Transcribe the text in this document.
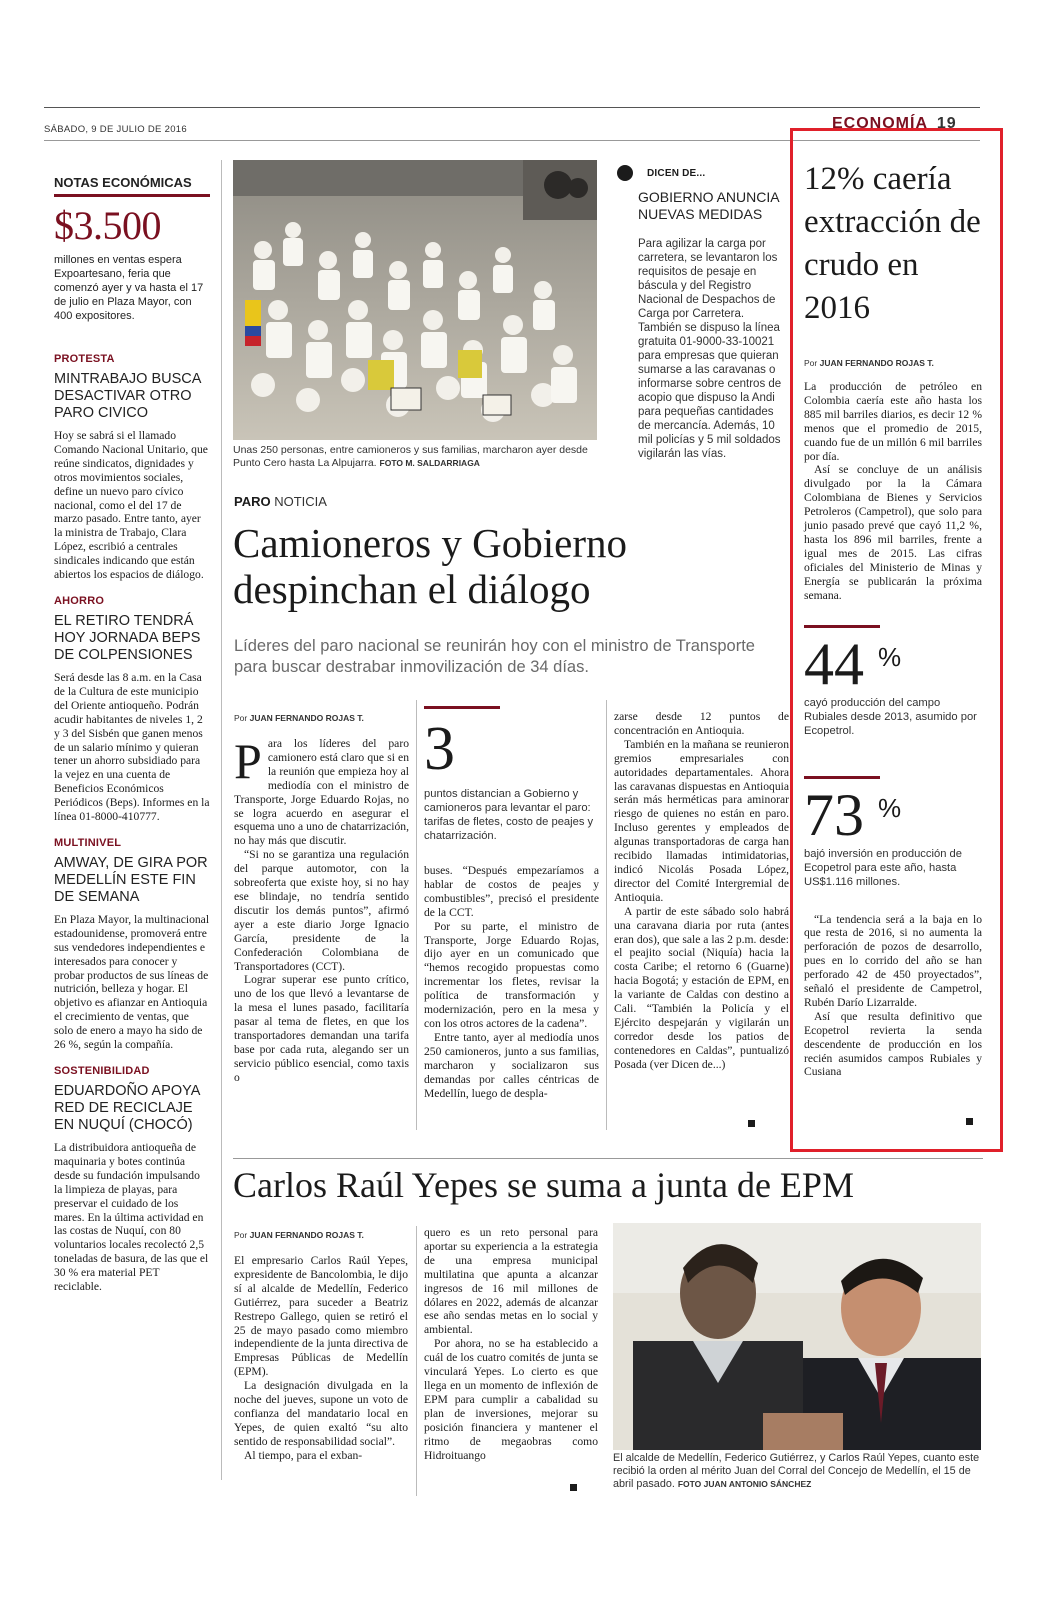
SÁBADO, 9 DE JULIO DE 2016	ECONOMÍA 19
NOTAS ECONÓMICAS
$3.500
millones en ventas espera Expoartesano, feria que comenzó ayer y va hasta el 17 de julio en Plaza Mayor, con 400 expositores.
PROTESTA
MINTRABAJO BUSCA DESACTIVAR OTRO PARO CIVICO
Hoy se sabrá si el llamado Comando Nacional Unitario, que reúne sindicatos, dignidades y otros movimientos sociales, define un nuevo paro cívico nacional, como el del 17 de marzo pasado. Entre tanto, ayer la ministra de Trabajo, Clara López, escribió a centrales sindicales indicando que están abiertos los espacios de diálogo.
AHORRO
EL RETIRO TENDRÁ HOY JORNADA BEPS DE COLPENSIONES
Será desde las 8 a.m. en la Casa de la Cultura de este municipio del Oriente antioqueño. Podrán acudir habitantes de niveles 1, 2 y 3 del Sisbén que ganen menos de un salario mínimo y quieran tener un ahorro subsidiado para la vejez en una cuenta de Beneficios Económicos Periódicos (Beps). Informes en la línea 01-8000-410777.
MULTINIVEL
AMWAY, DE GIRA POR MEDELLÍN ESTE FIN DE SEMANA
En Plaza Mayor, la multinacional estadounidense, promoverá entre sus vendedores independientes e interesados para conocer y probar productos de sus líneas de nutrición, belleza y hogar. El objetivo es afianzar en Antioquia el crecimiento de ventas, que solo de enero a mayo ha sido de 26 %, según la compañía.
SOSTENIBILIDAD
EDUARDOÑO APOYA RED DE RECICLAJE EN NUQUÍ (CHOCÓ)
La distribuidora antioqueña de maquinaria y botes continúa desde su fundación impulsando la limpieza de playas, para preservar el cuidado de los mares. En la última actividad en las costas de Nuquí, con 80 voluntarios locales recolectó 2,5 toneladas de basura, de las que el 30 % era material PET reciclable.
Unas 250 personas, entre camioneros y sus familias, marcharon ayer desde Punto Cero hasta La Alpujarra. FOTO M. SALDARRIAGA
DICEN DE...
GOBIERNO ANUNCIA NUEVAS MEDIDAS
Para agilizar la carga por carretera, se levantaron los requisitos de pesaje en báscula y del Registro Nacional de Despachos de Carga por Carretera. También se dispuso la línea gratuita 01-9000-33-10021 para empresas que quieran sumarse a las caravanas o informarse sobre centros de acopio que dispuso la Andi para pequeñas cantidades de mercancía. Además, 10 mil policías y 5 mil soldados vigilarán las vías.
PARO NOTICIA
Camioneros y Gobierno despinchan el diálogo
Líderes del paro nacional se reunirán hoy con el ministro de Transporte para buscar destrabar inmovilización de 34 días.
Por JUAN FERNANDO ROJAS T.
P ara los líderes del paro camionero está claro que si en la reunión que empieza hoy al mediodía con el ministro de Transporte, Jorge Eduardo Rojas, no se logra acuerdo en asegurar el esquema uno a uno de chatarrización, no hay más que discutir.

“Si no se garantiza una regulación del parque automotor, con la sobreoferta que existe hoy, si no hay ese blindaje, no tendría sentido discutir los demás puntos”, afirmó ayer a este diario Jorge Ignacio García, presidente de la Confederación Colombiana de Transportadores (CCT).

Lograr superar ese punto crítico, uno de los que llevó a levantarse de la mesa el lunes pasado, facilitaría pasar al tema de fletes, en que los transportadores demandan una tarifa base por cada ruta, alegando ser un servicio público esencial, como taxis o

3
puntos distancian a Gobierno y camioneros para levantar el paro: tarifas de fletes, costo de peajes y chatarrización.

buses. “Después empezaríamos a hablar de costos de peajes y combustibles”, precisó el presidente de la CCT.

Por su parte, el ministro de Transporte, Jorge Eduardo Rojas, dijo ayer en un comunicado que “hemos recogido propuestas como incrementar los fletes, revisar la política de transformación y modernización, pero en la mesa y con los otros actores de la cadena”.

Entre tanto, ayer al mediodía unos 250 camioneros, junto a sus familias, marcharon y socializaron sus demandas por calles céntricas de Medellín, luego de despla-

zarse desde 12 puntos de concentración en Antioquia.

También en la mañana se reunieron gremios empresariales con autoridades departamentales. Ahora las caravanas dispuestas en Antioquia serán más herméticas para aminorar riesgo de quienes no están en paro. Incluso gerentes y empleados de algunas transportadoras de carga han recibido llamadas intimidatorias, indicó Nicolás Posada López, director del Comité Intergremial de Antioquia.

A partir de este sábado solo habrá una caravana diaria por ruta (antes eran dos), que sale a las 2 p.m. desde: el peajito social (Niquía) hacia la costa Caribe; el retorno 6 (Guarne) hacia Bogotá; y estación de EPM, en la variante de Caldas con destino a Cali. “También la Policía y el Ejército despejarán y vigilarán un corredor desde los patios de contenedores en Caldas”, puntualizó Posada (ver Dicen de...)

12% caería extracción de crudo en 2016
Por JUAN FERNANDO ROJAS T.

La producción de petróleo en Colombia caería este año hasta los 885 mil barriles diarios, es decir 12 % menos que el promedio de 2015, cuando fue de un millón 6 mil barriles por día.

Así se concluye de un análisis divulgado por la la Cámara Colombiana de Bienes y Servicios Petroleros (Campetrol), que solo para junio pasado prevé que cayó 11,2 %, hasta los 896 mil barriles, frente a igual mes de 2015. Las cifras oficiales del Ministerio de Minas y Energía se publicarán la próxima semana.

44 %
cayó producción del campo Rubiales desde 2013, asumido por Ecopetrol.
73 %
bajó inversión en producción de Ecopetrol para este año, hasta US$1.116 millones.

“La tendencia será a la baja en lo que resta de 2016, si no aumenta la perforación de pozos de desarrollo, pues en lo corrido del año se han perforado 42 de 450 proyectados”, señaló el presidente de Campetrol, Rubén Darío Lizarralde.

Así que resulta definitivo que Ecopetrol revierta la senda descendente de producción en los recién asumidos campos Rubiales y Cusiana

Carlos Raúl Yepes se suma a junta de EPM
Por JUAN FERNANDO ROJAS T.

El empresario Carlos Raúl Yepes, expresidente de Bancolombia, le dijo sí al alcalde de Medellín, Federico Gutiérrez, para suceder a Beatriz Restrepo Gallego, quien se retiró el 25 de mayo pasado como miembro independiente de la junta directiva de Empresas Públicas de Medellín (EPM).

La designación divulgada en la noche del jueves, supone un voto de confianza del mandatario local en Yepes, de quien exaltó “su alto sentido de responsabilidad social”.

Al tiempo, para el exban-

quero es un reto personal para aportar su experiencia a la estrategia de una empresa municipal multilatina que apunta a alcanzar ingresos de 16 mil millones de dólares en 2022, además de alcanzar ese año sendas metas en lo social y ambiental.

Por ahora, no se ha establecido a cuál de los cuatro comités de junta se vinculará Yepes. Lo cierto es que llega en un momento de inflexión de EPM para cumplir a cabalidad su plan de inversiones, mejorar su posición financiera y mantener el ritmo de megaobras como Hidroituango	El alcalde de Medellín, Federico Gutiérrez, y Carlos Raúl Yepes, cuanto este recibió la orden al mérito Juan del Corral del Concejo de Medellín, el 15 de abril pasado. FOTO JUAN ANTONIO SÁNCHEZ
